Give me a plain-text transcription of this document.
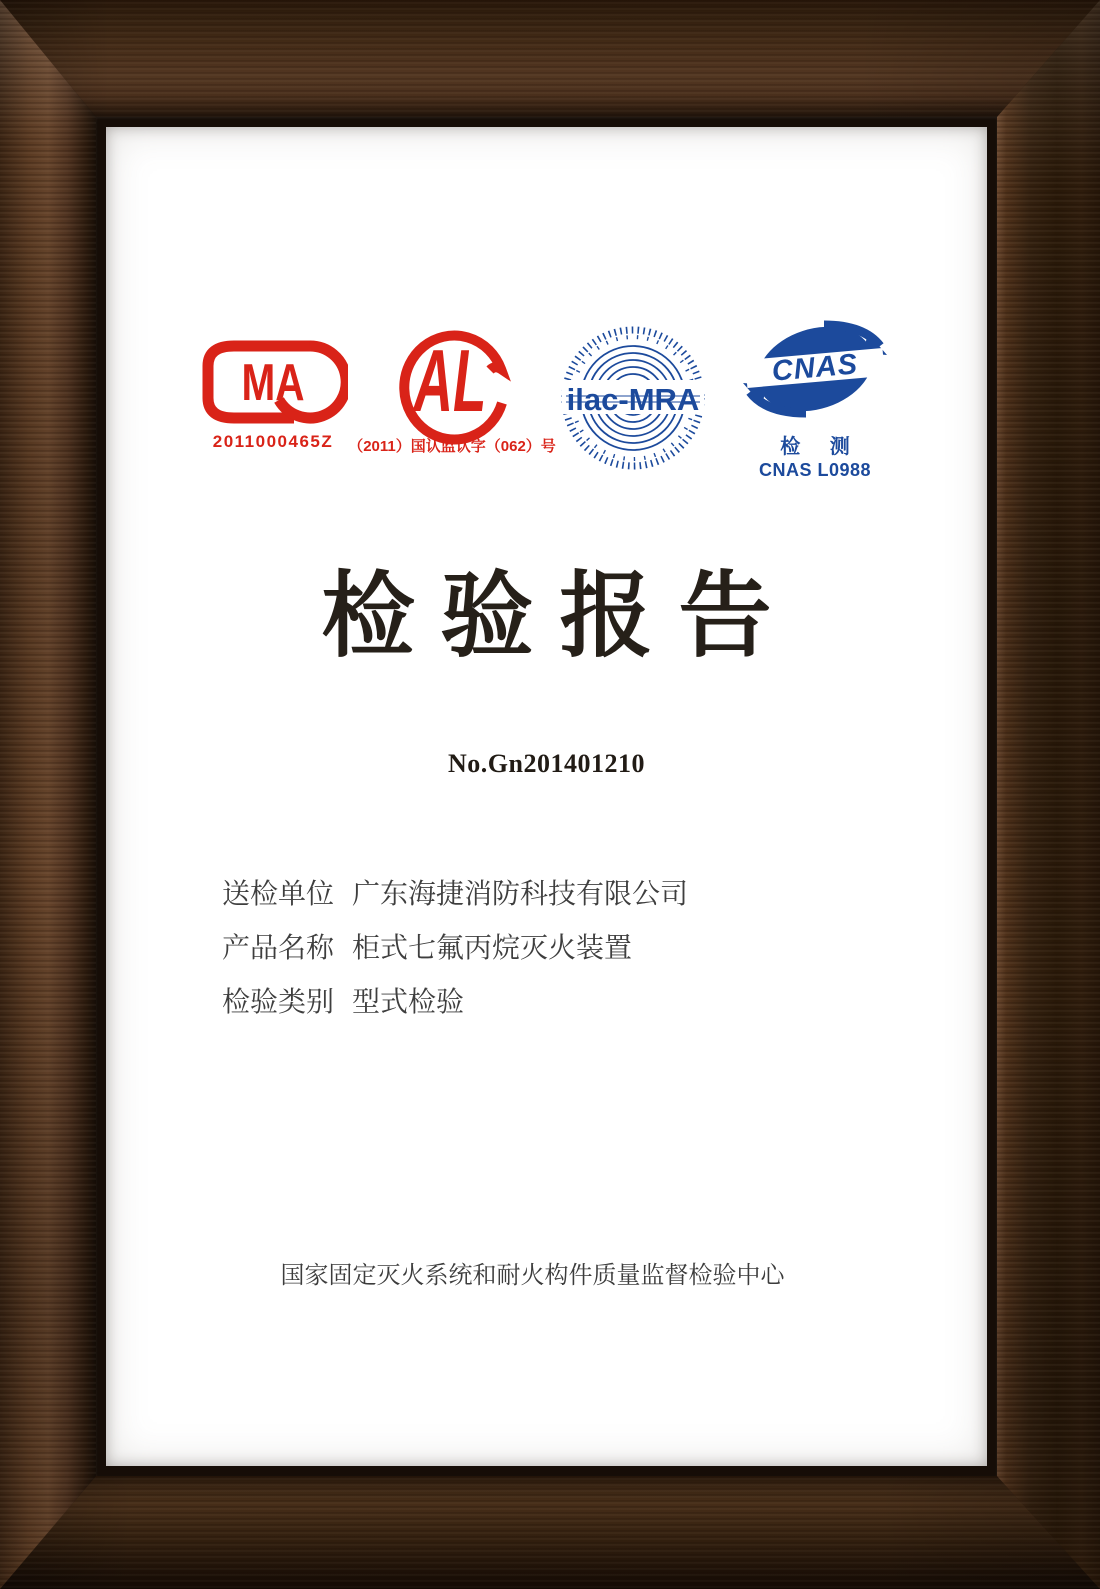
MA
2011000465Z
AL
（2011）国认监认字（062）号
ilac-MRA
CNAS
检 测
CNAS L0988
检验报告
No.Gn201401210
送检单位 广东海捷消防科技有限公司
产品名称 柜式七氟丙烷灭火装置
检验类别 型式检验
国家固定灭火系统和耐火构件质量监督检验中心
